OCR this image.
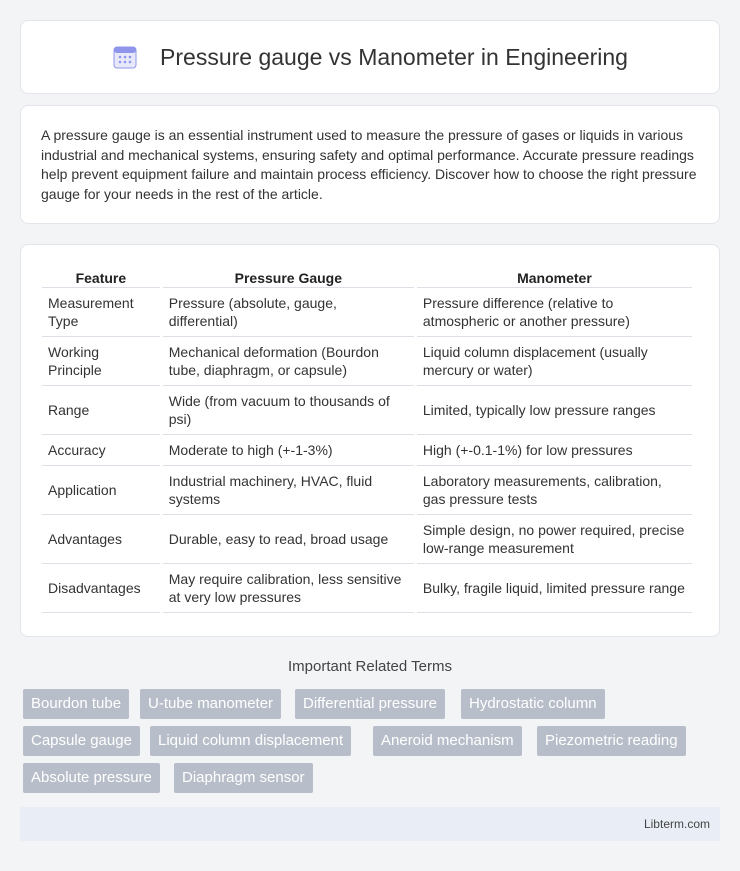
Pressure gauge vs Manometer in Engineering

A pressure gauge is an essential instrument used to measure the pressure of gases or liquids in various industrial and mechanical systems, ensuring safety and optimal performance. Accurate pressure readings help prevent equipment failure and maintain process efficiency. Discover how to choose the right pressure gauge for your needs in the rest of the article.

Feature	Pressure Gauge	Manometer
Measurement Type	Pressure (absolute, gauge, differential)	Pressure difference (relative to atmospheric or another pressure)
Working Principle	Mechanical deformation (Bourdon tube, diaphragm, or capsule)	Liquid column displacement (usually mercury or water)
Range	Wide (from vacuum to thousands of psi)	Limited, typically low pressure ranges
Accuracy	Moderate to high (+-1-3%)	High (+-0.1-1%) for low pressures
Application	Industrial machinery, HVAC, fluid systems	Laboratory measurements, calibration, gas pressure tests
Advantages	Durable, easy to read, broad usage	Simple design, no power required, precise low-range measurement
Disadvantages	May require calibration, less sensitive at very low pressures	Bulky, fragile liquid, limited pressure range
Important Related Terms
Bourdon tube	U-tube manometer	Differential pressure	Hydrostatic column
Capsule gauge	Liquid column displacement	Aneroid mechanism	Piezometric reading
Absolute pressure	Diaphragm sensor
Libterm.com
